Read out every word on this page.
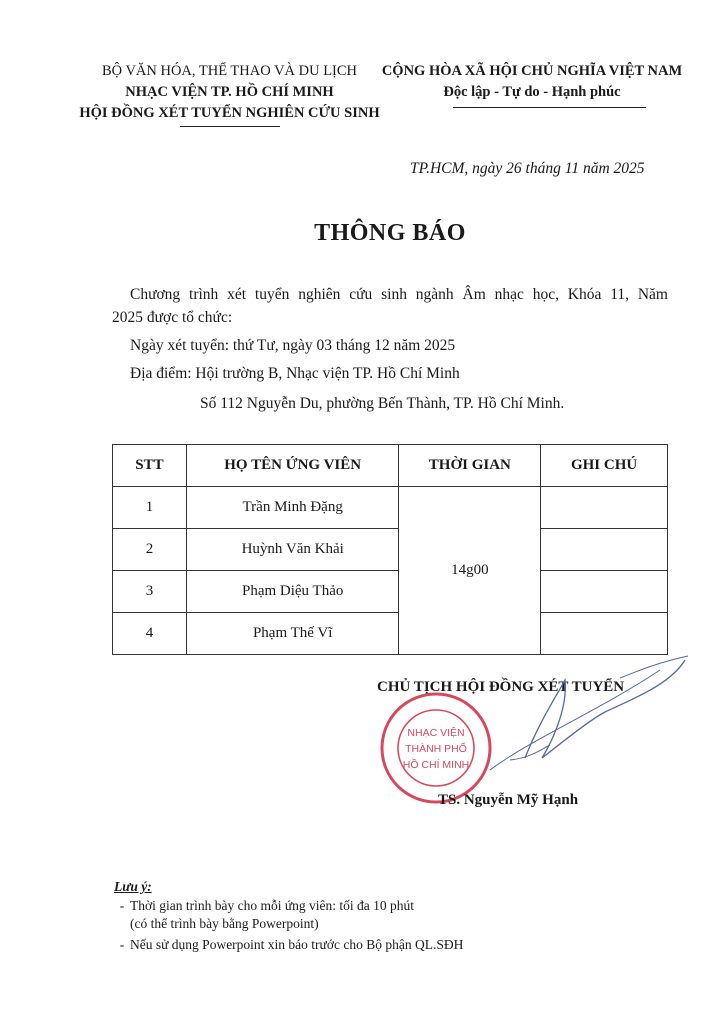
BỘ VĂN HÓA, THỂ THAO VÀ DU LỊCH
NHẠC VIỆN TP. HỒ CHÍ MINH
HỘI ĐỒNG XÉT TUYỂN NGHIÊN CỨU SINH
CỘNG HÒA XÃ HỘI CHỦ NGHĨA VIỆT NAM
Độc lập - Tự do - Hạnh phúc
TP.HCM, ngày 26 tháng 11 năm 2025
THÔNG BÁO
Chương trình xét tuyển nghiên cứu sinh ngành Âm nhạc học, Khóa 11, Năm
2025 được tổ chức:
Ngày xét tuyển: thứ Tư, ngày 03 tháng 12 năm 2025
Địa điểm: Hội trường B, Nhạc viện TP. Hồ Chí Minh
Số 112 Nguyễn Du, phường Bến Thành, TP. Hồ Chí Minh.
STT	HỌ TÊN ỨNG VIÊN	THỜI GIAN	GHI CHÚ
1	Trần Minh Đặng	14g00	
2	Huỳnh Văn Khải		
3	Phạm Diệu Thảo		
4	Phạm Thế Vĩ		
CHỦ TỊCH HỘI ĐỒNG XÉT TUYỂN
NHẠC VIỆN
THÀNH PHỐ
HỒ CHÍ MINH
TS. Nguyễn Mỹ Hạnh
Lưu ý:
- Thời gian trình bày cho mỗi ứng viên: tối đa 10 phút
(có thể trình bày bằng Powerpoint)
- Nếu sử dụng Powerpoint xin báo trước cho Bộ phận QL.SĐH
